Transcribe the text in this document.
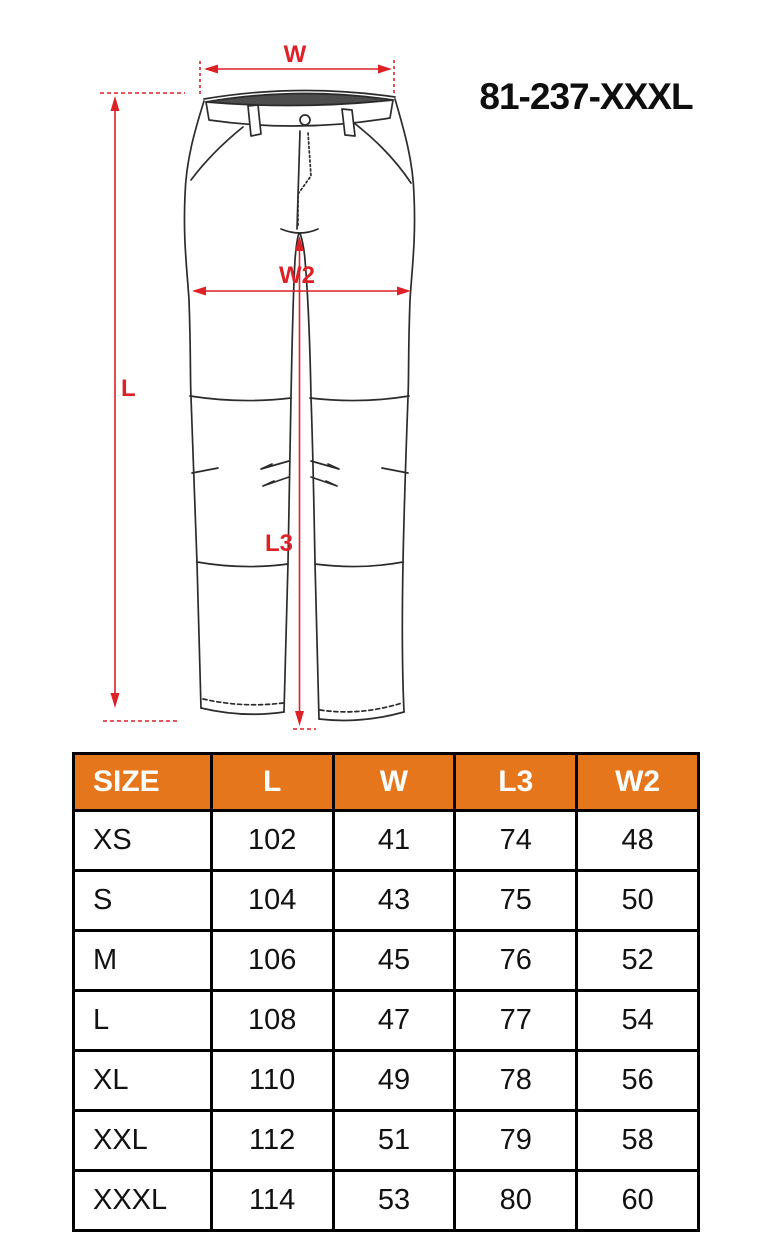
W
L
W2
L3
81-237-XXXL
SIZE	L	W	L3	W2
XS	102	41	74	48
S	104	43	75	50
M	106	45	76	52
L	108	47	77	54
XL	110	49	78	56
XXL	112	51	79	58
XXXL	114	53	80	60
